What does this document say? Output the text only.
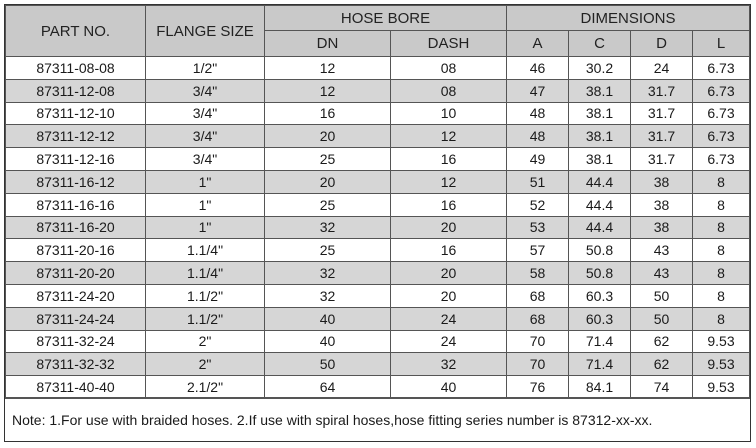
PART NO.	FLANGE SIZE	HOSE BORE		DIMENSIONS			
		DN	DASH	A	C	D	L
87311-08-08	1/2"	12	08	46	30.2	24	6.73
87311-12-08	3/4"	12	08	47	38.1	31.7	6.73
87311-12-10	3/4"	16	10	48	38.1	31.7	6.73
87311-12-12	3/4"	20	12	48	38.1	31.7	6.73
87311-12-16	3/4"	25	16	49	38.1	31.7	6.73
87311-16-12	1"	20	12	51	44.4	38	8
87311-16-16	1"	25	16	52	44.4	38	8
87311-16-20	1"	32	20	53	44.4	38	8
87311-20-16	1.1/4"	25	16	57	50.8	43	8
87311-20-20	1.1/4"	32	20	58	50.8	43	8
87311-24-20	1.1/2"	32	20	68	60.3	50	8
87311-24-24	1.1/2"	40	24	68	60.3	50	8
87311-32-24	2"	40	24	70	71.4	62	9.53
87311-32-32	2"	50	32	70	71.4	62	9.53
87311-40-40	2.1/2"	64	40	76	84.1	74	9.53
Note: 1.For use with braided hoses. 2.If use with spiral hoses,hose fitting series number is 87312-xx-xx.
